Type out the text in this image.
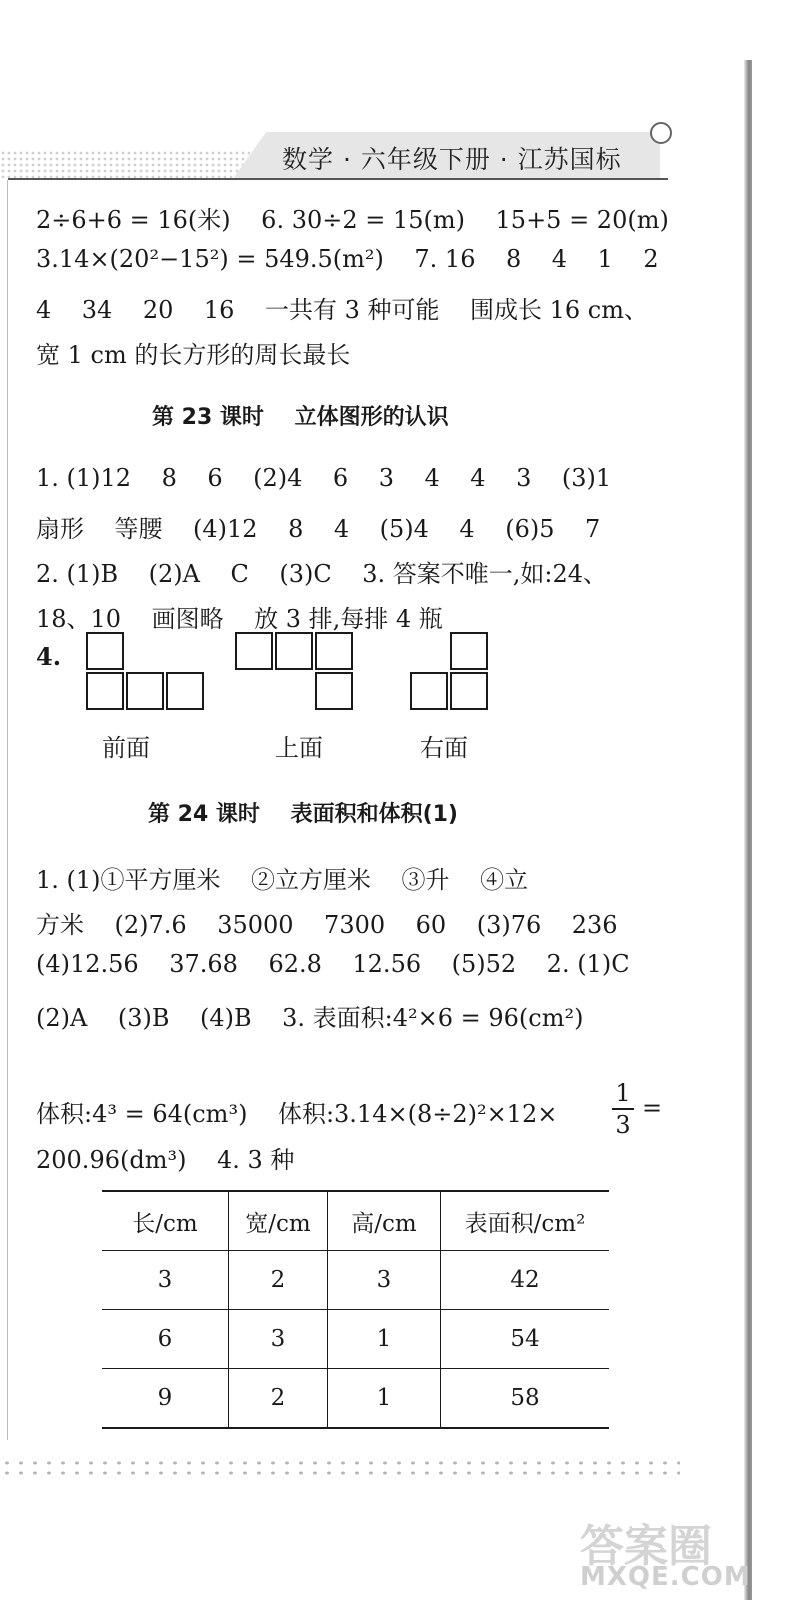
数学 · 六年级下册 · 江苏国标
2÷6+6 = 16(米)    6. 30÷2 = 15(m)    15+5 = 20(m)
3.14×(20²−15²) = 549.5(m²)    7. 16    8    4    1    2
4    34    20    16    一共有 3 种可能    围成长 16 cm、
宽 1 cm 的长方形的周长最长
第 23 课时    立体图形的认识
1. (1)12    8    6    (2)4    6    3    4    4    3    (3)1
扇形    等腰    (4)12    8    4    (5)4    4    (6)5    7
2. (1)B    (2)A    C    (3)C    3. 答案不唯一,如:24、
18、10    画图略    放 3 排,每排 4 瓶
4.
前面	上面	右面
第 24 课时    表面积和体积(1)
1. (1)①平方厘米    ②立方厘米    ③升    ④立
方米    (2)7.6    35000    7300    60    (3)76    236
(4)12.56    37.68    62.8    12.56    (5)52    2. (1)C
(2)A    (3)B    (4)B    3. 表面积:4²×6 = 96(cm²)
体积:4³ = 64(cm³)    体积:3.14×(8÷2)²×12× $\frac{1}{3}$ =
200.96(dm³)    4. 3 种
长/cm	宽/cm	高/cm	表面积/cm²
3	2	3	42
6	3	1	54
9	2	1	58
答案圈
MXQE.COM
